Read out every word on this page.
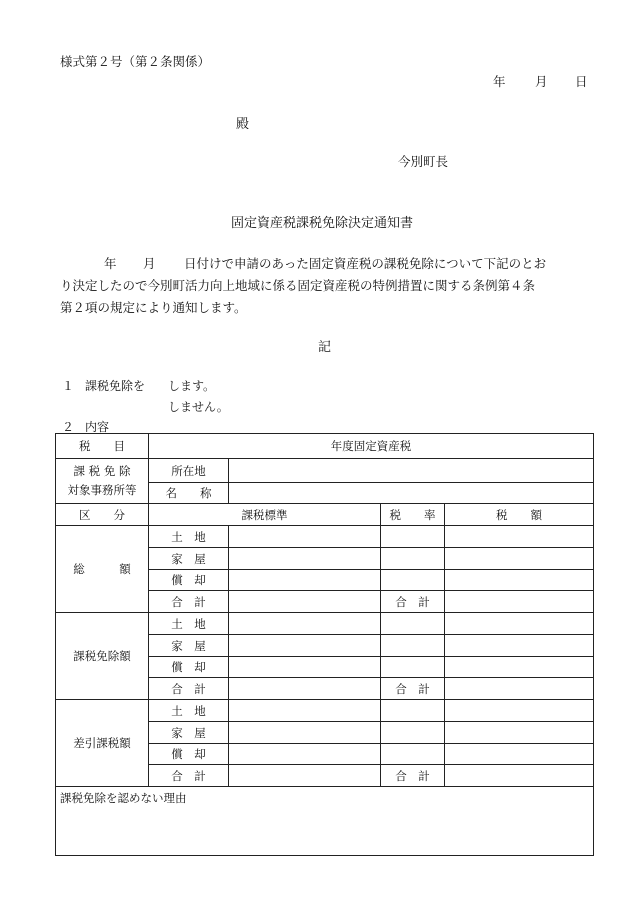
様式第２号（第２条関係）
年 月 日
殿
今別町長
固定資産税課税免除決定通知書
年 月 日付けで申請のあった固定資産税の課税免除について下記のとお
り決定したので今別町活力向上地域に係る固定資産税の特例措置に関する条例第４条
第２項の規定により通知します。
記
１ 課税免除を します。
しません。
２ 内容
税　　目	年度固定資産税			

課 税 免 除
対象事務所等	所在地			
	名　　称			
区　　分	課税標準		税　　率	税　　額
総　　　額	土　地			
	家　屋			
	償　却			
	合　計		合　計	
課税免除額	土　地			
	家　屋			
	償　却			
	合　計		合　計	
差引課税額	土　地			
	家　屋			
	償　却			
	合　計		合　計	
課税免除を認めない理由				
